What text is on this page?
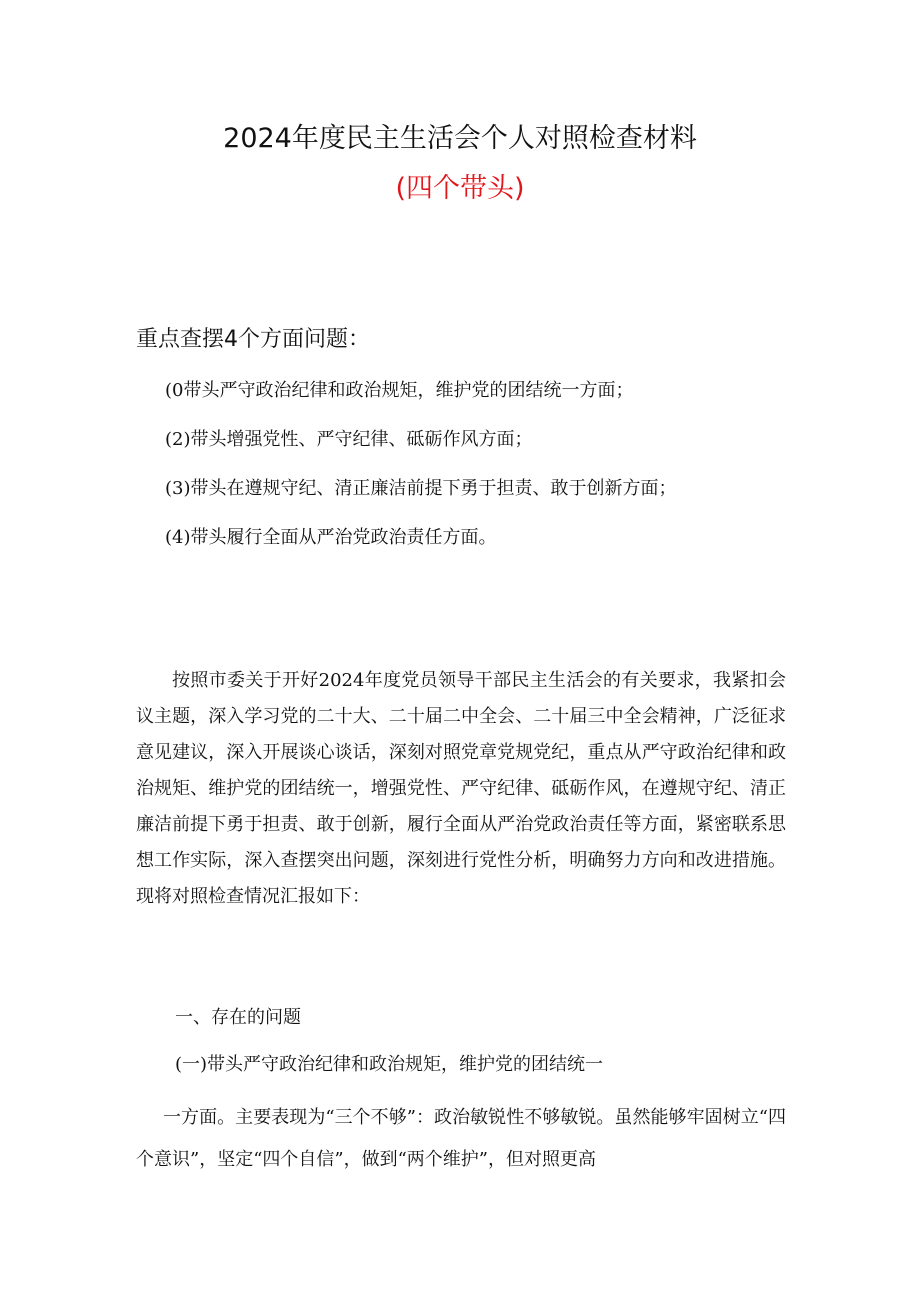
2024年度民主生活会个人对照检查材料
(四个带头)
重点查摆4个方面问题：
(0带头严守政治纪律和政治规矩，维护党的团结统一方面；
(2)带头增强党性、严守纪律、砥砺作风方面；
(3)带头在遵规守纪、清正廉洁前提下勇于担责、敢于创新方面；
(4)带头履行全面从严治党政治责任方面。

按照市委关于开好2024年度党员领导干部民主生活会的有关要求，我紧扣会议主题，深入学习党的二十大、二十届二中全会、二十届三中全会精神，广泛征求意见建议，深入开展谈心谈话，深刻对照党章党规党纪，重点从严守政治纪律和政治规矩、维护党的团结统一，增强党性、严守纪律、砥砺作风，在遵规守纪、清正廉洁前提下勇于担责、敢于创新，履行全面从严治党政治责任等方面，紧密联系思想工作实际，深入查摆突出问题，深刻进行党性分析，明确努力方向和改进措施。现将对照检查情况汇报如下：

一、存在的问题
(一)带头严守政治纪律和政治规矩，维护党的团结统一

一方面。主要表现为“三个不够”：政治敏锐性不够敏锐。虽然能够牢固树立“四个意识”，坚定“四个自信”，做到“两个维护”，但对照更高
